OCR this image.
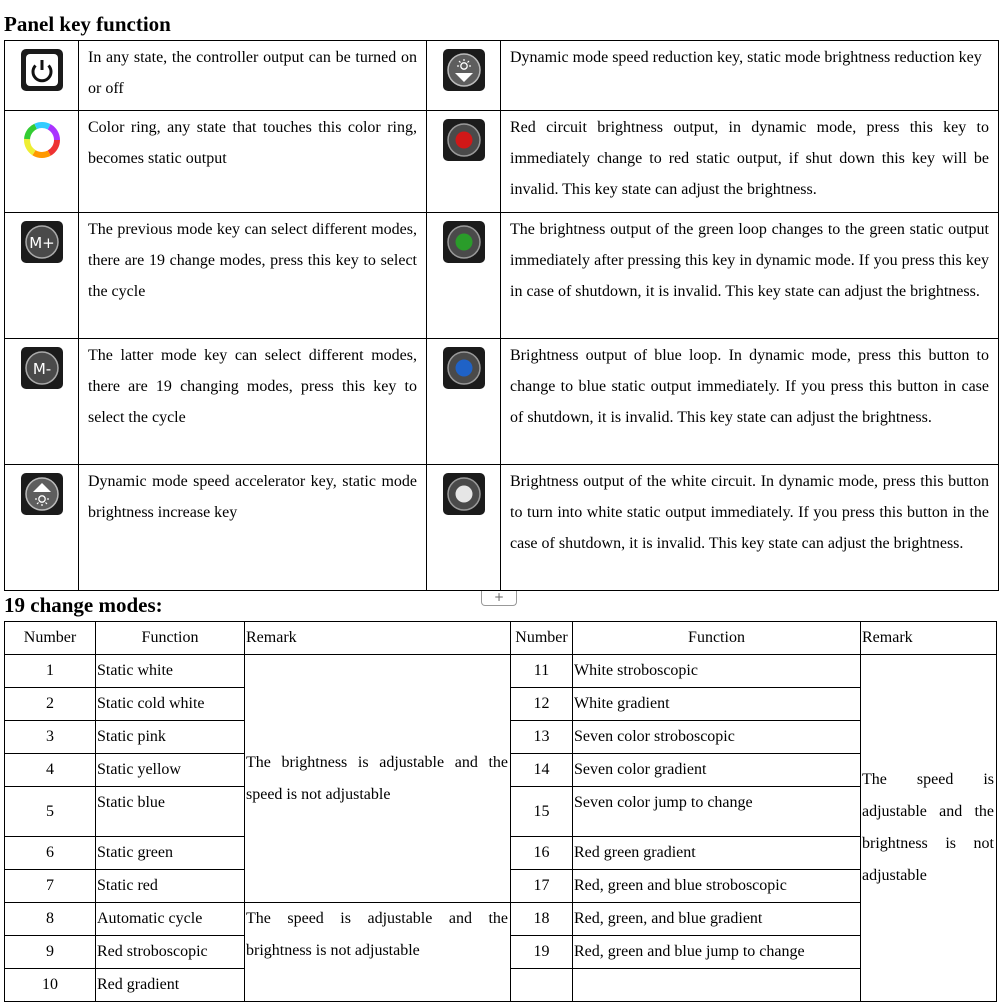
Panel key function
	In any state, the controller output can be turned on or off		Dynamic mode speed reduction key, static mode brightness reduction key

	Color ring, any state that touches this color ring, becomes static output		Red circuit brightness output, in dynamic mode, press this key to immediately change to red static output, if shut down this key will be invalid. This key state can adjust the brightness.

M+	The previous mode key can select different modes, there are 19 change modes, press this key to select the cycle		The brightness output of the green loop changes to the green static output immediately after pressing this key in dynamic mode. If you press this key in case of shutdown, it is invalid. This key state can adjust the brightness.

M-	The latter mode key can select different modes, there are 19 changing modes, press this key to select the cycle		Brightness output of blue loop. In dynamic mode, press this button to change to blue static output immediately. If you press this button in case of shutdown, it is invalid. This key state can adjust the brightness.

	Dynamic mode speed accelerator key, static mode brightness increase key		Brightness output of the white circuit. In dynamic mode, press this button to turn into white static output immediately. If you press this button in the case of shutdown, it is invalid. This key state can adjust the brightness.
+
19 change modes:
Number	Function	Remark	Number	Function	Remark
1	Static white	The brightness is adjustable and the speed is not adjustable	11	White stroboscopic	The speed is adjustable and the brightness is not adjustable
2	Static cold white		12	White gradient	
3	Static pink		13	Seven color stroboscopic	
4	Static yellow		14	Seven color gradient	
5	Static blue		15	Seven color jump to change	
6	Static green		16	Red green gradient	
7	Static red		17	Red, green and blue stroboscopic	
8	Automatic cycle	The speed is adjustable and the brightness is not adjustable	18	Red, green, and blue gradient	
9	Red stroboscopic		19	Red, green and blue jump to change	
10	Red gradient				
